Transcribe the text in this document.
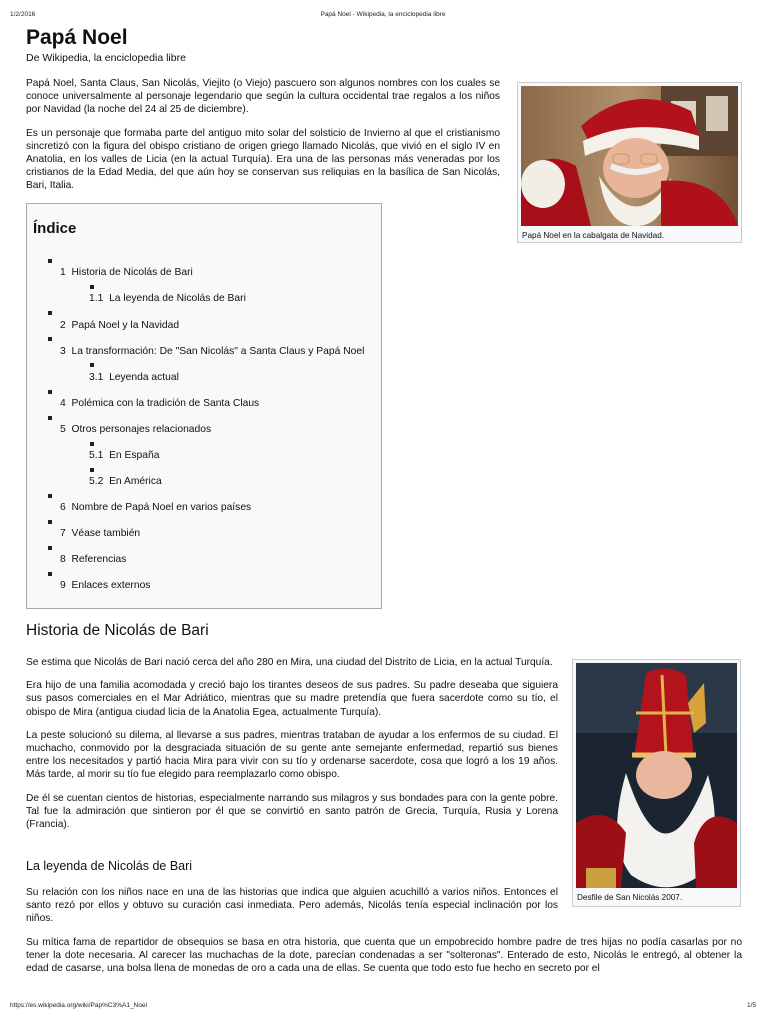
1/2/2016	Papá Noel - Wikipedia, la enciclopedia libre
Papá Noel
De Wikipedia, la enciclopedia libre

Papá Noel, Santa Claus, San Nicolás, Viejito (o Viejo) pascuero son algunos nombres con los cuales se conoce universalmente al personaje legendario que según la cultura occidental trae regalos a los niños por Navidad (la noche del 24 al 25 de diciembre).

Es un personaje que formaba parte del antiguo mito solar del solsticio de Invierno al que el cristianismo sincretizó con la figura del obispo cristiano de origen griego llamado Nicolás, que vivió en el siglo IV en Anatolia, en los valles de Licia (en la actual Turquía). Era una de las personas más veneradas por los cristianos de la Edad Media, del que aún hoy se conservan sus reliquias en la basílica de San Nicolás, Bari, Italia.

Papá Noel en la cabalgata de Navidad.
Índice
1 Historia de Nicolás de Bari
1.1 La leyenda de Nicolás de Bari
2 Papá Noel y la Navidad
3 La transformación: De "San Nicolás" a Santa Claus y Papá Noel
3.1 Leyenda actual
4 Polémica con la tradición de Santa Claus
5 Otros personajes relacionados
5.1 En España
5.2 En América
6 Nombre de Papá Noel en varios países
7 Véase también
8 Referencias
9 Enlaces externos
Historia de Nicolás de Bari

Se estima que Nicolás de Bari nació cerca del año 280 en Mira, una ciudad del Distrito de Licia, en la actual Turquía.

Era hijo de una familia acomodada y creció bajo los tirantes deseos de sus padres. Su padre deseaba que siguiera sus pasos comerciales en el Mar Adriático, mientras que su madre pretendía que fuera sacerdote como su tío, el obispo de Mira (antigua ciudad licia de la Anatolia Egea, actualmente Turquía).

La peste solucionó su dilema, al llevarse a sus padres, mientras trataban de ayudar a los enfermos de su ciudad. El muchacho, conmovido por la desgraciada situación de su gente ante semejante enfermedad, repartió sus bienes entre los necesitados y partió hacia Mira para vivir con su tío y ordenarse sacerdote, cosa que logró a los 19 años. Más tarde, al morir su tío fue elegido para reemplazarlo como obispo.

De él se cuentan cientos de historias, especialmente narrando sus milagros y sus bondades para con la gente pobre. Tal fue la admiración que sintieron por él que se convirtió en santo patrón de Grecia, Turquía, Rusia y Lorena (Francia).

Desfile de San Nicolás 2007.
La leyenda de Nicolás de Bari

Su relación con los niños nace en una de las historias que indica que alguien acuchilló a varios niños. Entonces el santo rezó por ellos y obtuvo su curación casi inmediata. Pero además, Nicolás tenía especial inclinación por los niños.

Su mítica fama de repartidor de obsequios se basa en otra historia, que cuenta que un empobrecido hombre padre de tres hijas no podía casarlas por no tener la dote necesaria. Al carecer las muchachas de la dote, parecían condenadas a ser "solteronas". Enterado de esto, Nicolás le entregó, al obtener la edad de casarse, una bolsa llena de monedas de oro a cada una de ellas. Se cuenta que todo esto fue hecho en secreto por el

https://es.wikipedia.org/wiki/Pap%C3%A1_Noel	1/5
